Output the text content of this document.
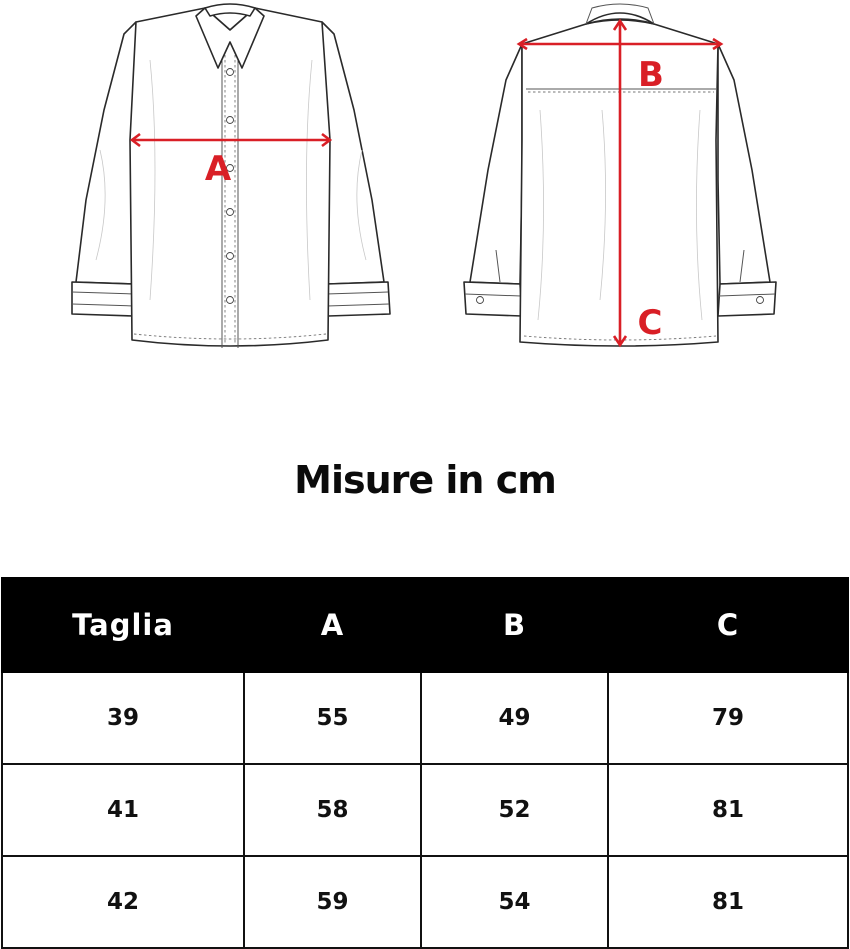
A
B
C
Misure in cm
Taglia	A	B	C
39	55	49	79
41	58	52	81
42	59	54	81
